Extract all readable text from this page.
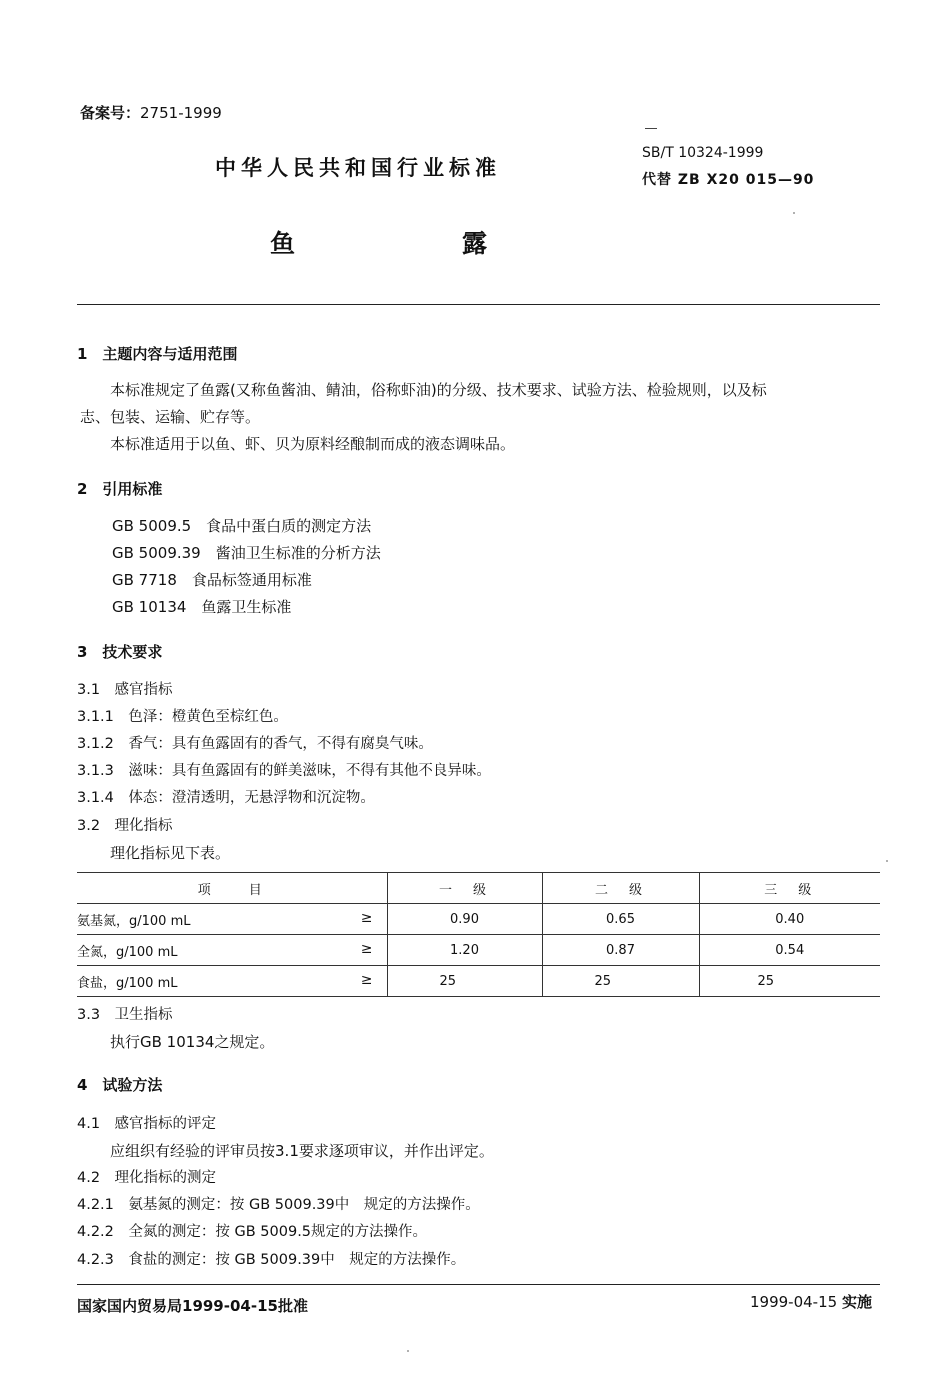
备案号：2751-1999
中华人民共和国行业标准
SB/T 10324-1999
代替 ZB X20 015—90
鱼	露
1　主题内容与适用范围
本标准规定了鱼露(又称鱼酱油、鲭油，俗称虾油)的分级、技术要求、试验方法、检验规则，以及标
志、包装、运输、贮存等。
本标准适用于以鱼、虾、贝为原料经酿制而成的液态调味品。
2　引用标准
GB 5009.5　食品中蛋白质的测定方法
GB 5009.39　酱油卫生标准的分析方法
GB 7718　食品标签通用标准
GB 10134　鱼露卫生标准
3　技术要求
3.1　感官指标
3.1.1　色泽：橙黄色至棕红色。
3.1.2　香气：具有鱼露固有的香气，不得有腐臭气味。
3.1.3　滋味：具有鱼露固有的鲜美滋味，不得有其他不良异味。
3.1.4　体态：澄清透明，无悬浮物和沉淀物。
3.2　理化指标
理化指标见下表。
项　　目	一　级	二　级	三　级
氨基氮，g/100 mL ≥	0.90	0.65	0.40
全氮，g/100 mL ≥	1.20	0.87	0.54
食盐，g/100 mL ≥	25	25	25
3.3　卫生指标
执行GB 10134之规定。
4　试验方法
4.1　感官指标的评定
应组织有经验的评审员按3.1要求逐项审议，并作出评定。
4.2　理化指标的测定
4.2.1　氨基氮的测定：按 GB 5009.39中　规定的方法操作。
4.2.2　全氮的测定：按 GB 5009.5规定的方法操作。
4.2.3　食盐的测定：按 GB 5009.39中　规定的方法操作。
国家国内贸易局1999-04-15批准	1999-04-15 实施
